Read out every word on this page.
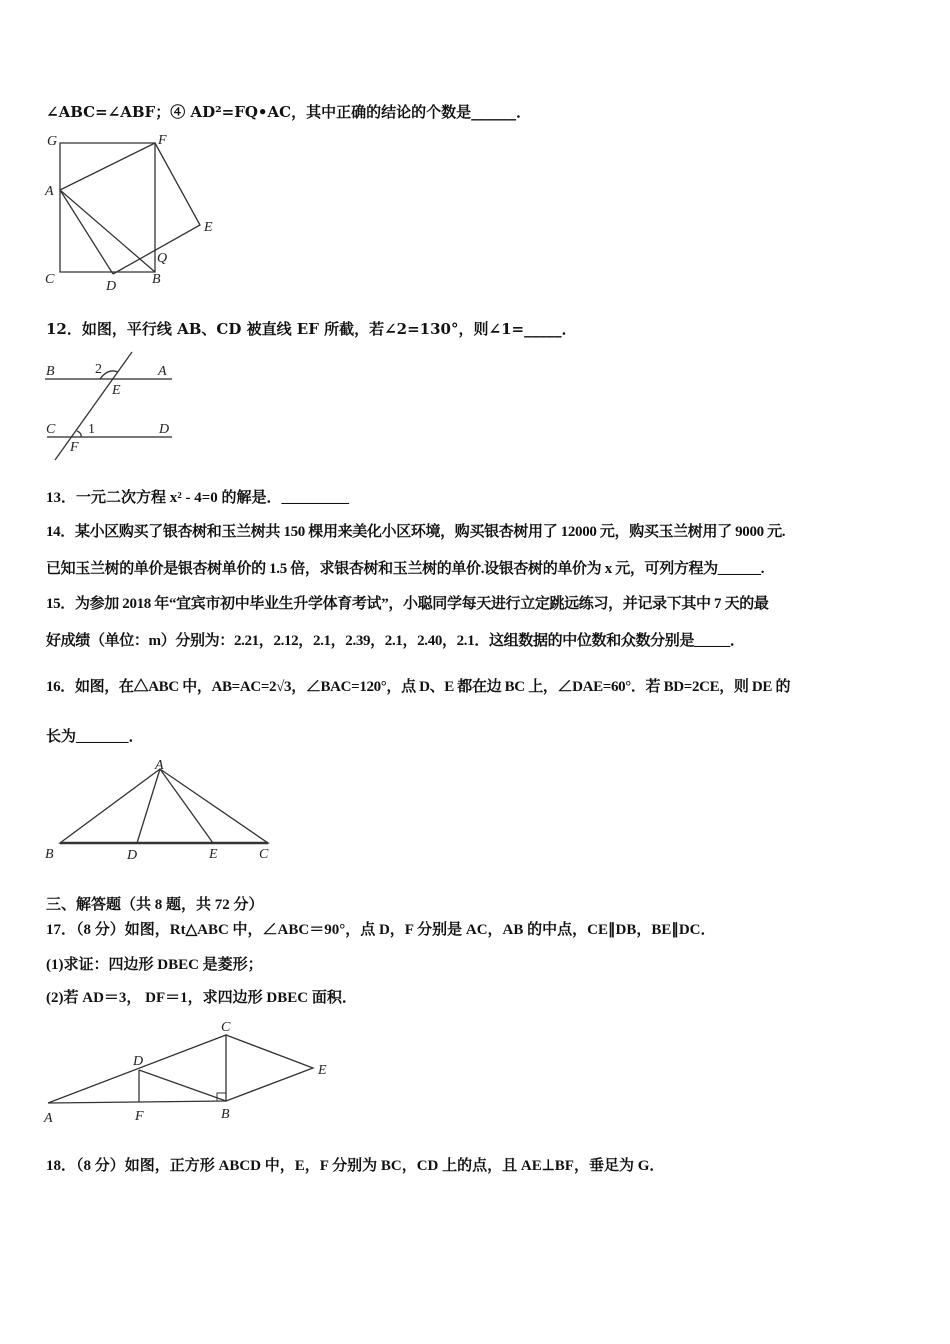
∠ABC=∠ABF；④ AD²=FQ•AC，其中正确的结论的个数是______．
G	F
A
E
Q
C	D	B
B	2	A
E
C 1	D
F
A
B	D	E	C
C
D
E
A	F	B
12．如图，平行线 AB、CD 被直线 EF 所截，若∠2=130°，则∠1=_____．
13．一元二次方程 x² - 4=0 的解是．_________
14．某小区购买了银杏树和玉兰树共 150 棵用来美化小区环境，购买银杏树用了 12000 元，购买玉兰树用了 9000 元.
已知玉兰树的单价是银杏树单价的 1.5 倍，求银杏树和玉兰树的单价.设银杏树的单价为 x 元，可列方程为______.
15．为参加 2018 年“宜宾市初中毕业生升学体育考试”，小聪同学每天进行立定跳远练习，并记录下其中 7 天的最
好成绩（单位：m）分别为：2.21，2.12，2.1，2.39，2.1，2.40，2.1．这组数据的中位数和众数分别是_____．
16．如图，在△ABC 中，AB=AC=2√3，∠BAC=120°，点 D、E 都在边 BC 上，∠DAE=60°．若 BD=2CE，则 DE 的
长为_______．
三、解答题（共 8 题，共 72 分）
17．（8 分）如图，Rt△ABC 中，∠ABC＝90°，点 D，F 分别是 AC，AB 的中点，CE∥DB，BE∥DC．
(1)求证：四边形 DBEC 是菱形；
(2)若 AD＝3， DF＝1，求四边形 DBEC 面积．
18．（8 分）如图，正方形 ABCD 中，E，F 分别为 BC，CD 上的点，且 AE⊥BF，垂足为 G．
